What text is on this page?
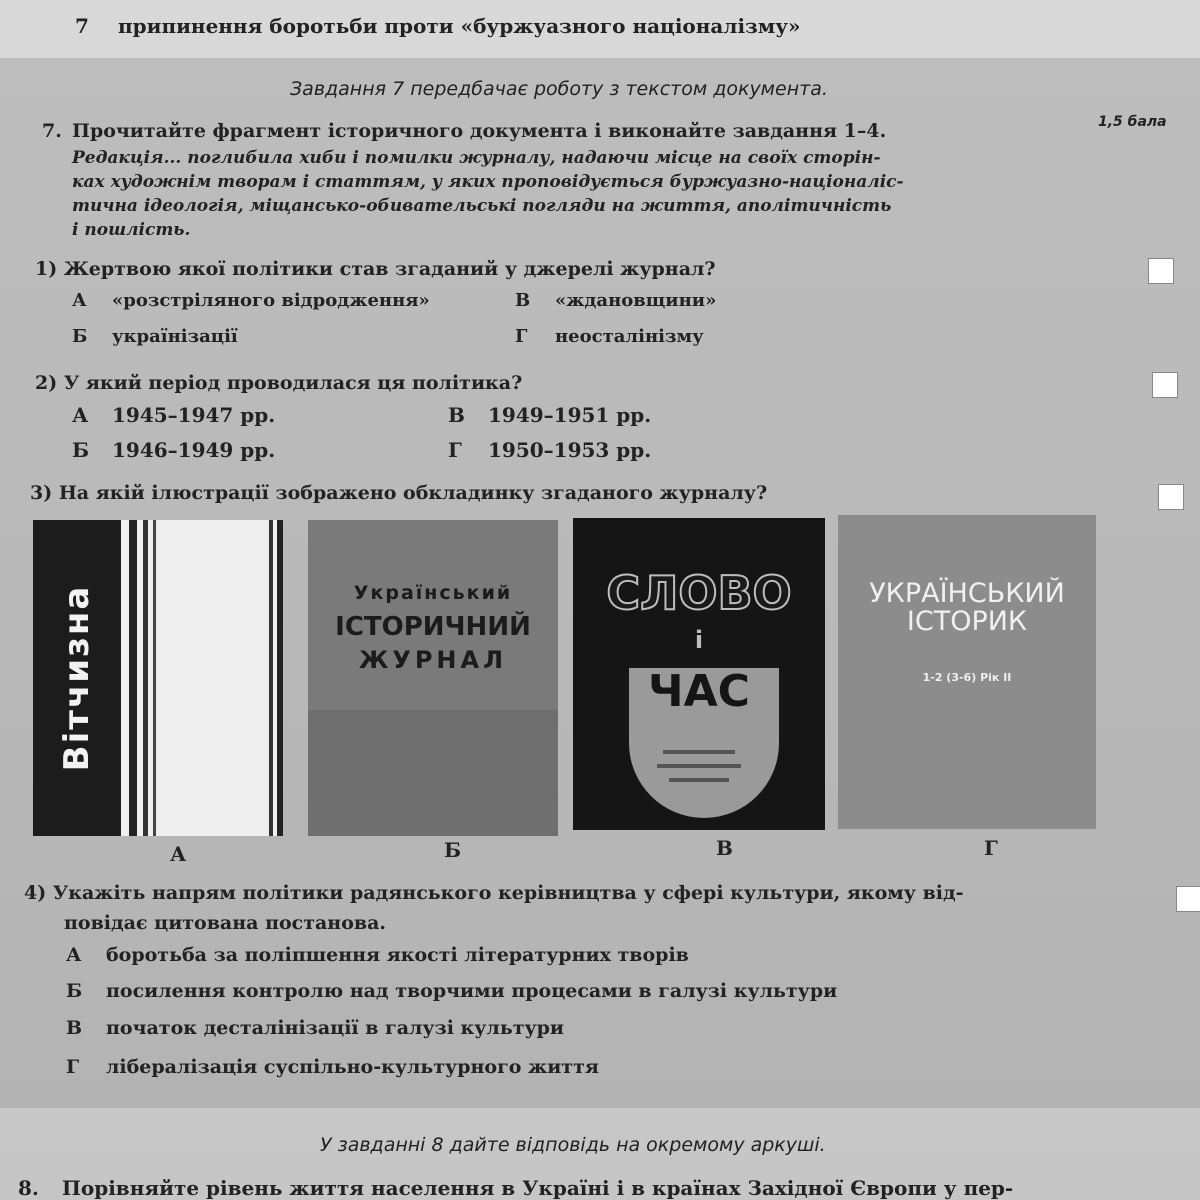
7 припинення боротьби проти «буржуазного націоналізму»
Завдання 7 передбачає роботу з текстом документа.
7. Прочитайте фрагмент історичного документа і виконайте завдання 1–4.	1,5 бала
Редакція... поглибила хиби і помилки журналу, надаючи місце на своїх сторін-
ках художнім творам і статтям, у яких проповідується буржуазно-націоналіс-
тична ідеологія, міщансько-обивательські погляди на життя, аполітичність
і пошлість.
1) Жертвою якої політики став згаданий у джерелі журнал?
А «розстріляного відродження»	В «ждановщини»
Б українізації	Г неосталінізму
2) У який період проводилася ця політика?
А 1945–1947 рр.	В 1949–1951 рр.
Б 1946–1949 рр.	Г 1950–1953 рр.
3) На якій ілюстрації зображено обкладинку згаданого журналу?
Вітчизна	Український
ІСТОРИЧНИЙ
ЖУРНАЛ
СЛОВО
і
ЧАС
УКРАЇНСЬКИЙ
ІСТОРИК
1-2 (3-6) Рік II
А	Б	В	Г
4) Укажіть напрям політики радянського керівництва у сфері культури, якому від-
повідає цитована постанова.
А боротьба за поліпшення якості літературних творів
Б посилення контролю над творчими процесами в галузі культури
В початок десталінізації в галузі культури
Г лібералізація суспільно-культурного життя
У завданні 8 дайте відповідь на окремому аркуші.
8. Порівняйте рівень життя населення в Україні і в країнах Західної Європи у пер-
